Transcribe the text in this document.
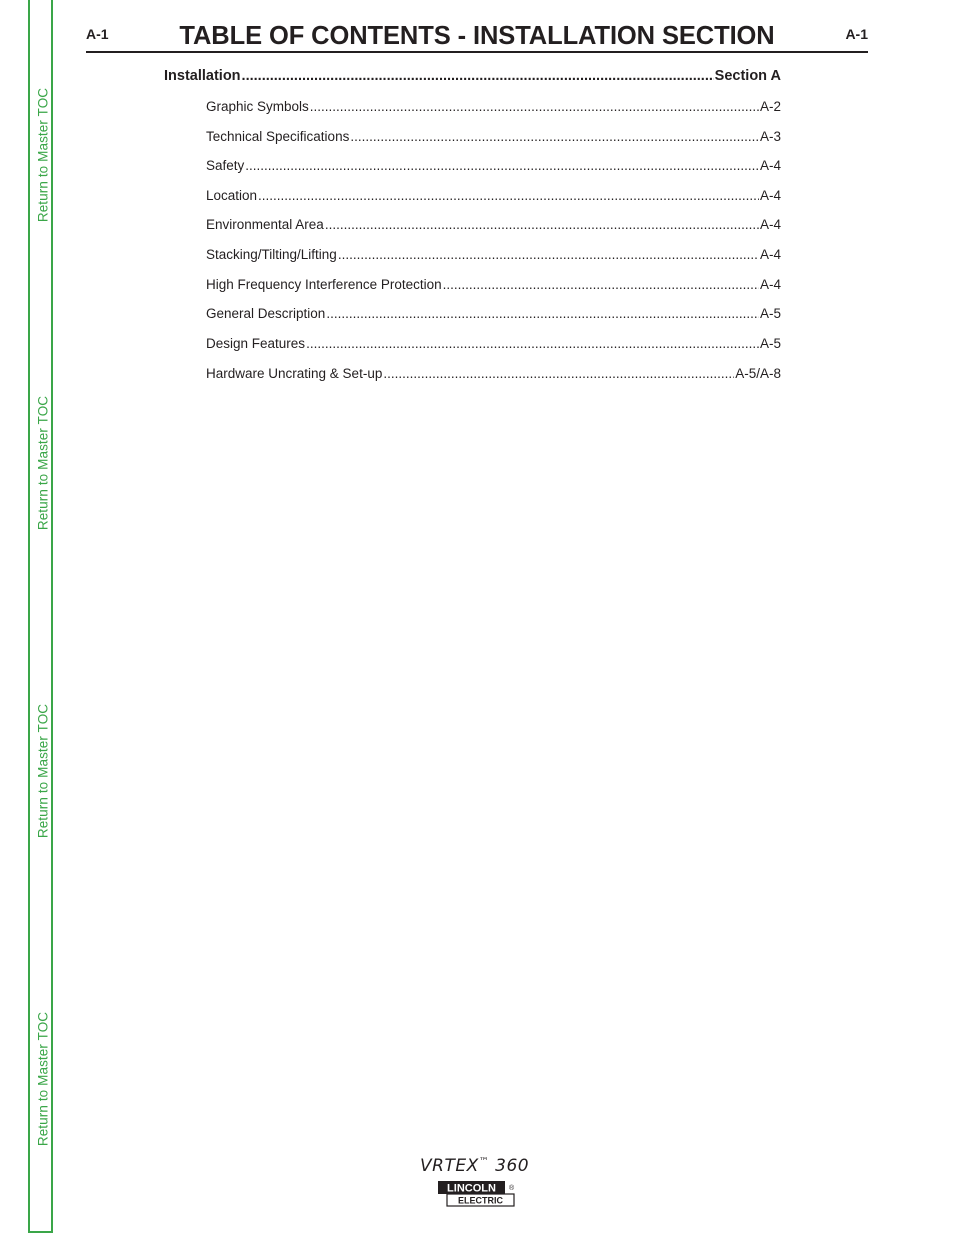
Return to Master TOC
Return to Master TOC
Return to Master TOC
Return to Master TOC
A-1	TABLE OF CONTENTS - INSTALLATION SECTION	A-1
Installation .....	Section A
Graphic Symbols .....	A-2
Technical Specifications .....	A-3
Safety .....	A-4
Location .....	A-4
Environmental Area .....	A-4
Stacking/Tilting/Lifting .....	A-4
High Frequency Interference Protection .....	A-4
General Description .....	A-5
Design Features .....	A-5
Hardware Uncrating & Set-up .....	A-5/A-8
VRTEX™ 360
LINCOLN
ELECTRIC
®
